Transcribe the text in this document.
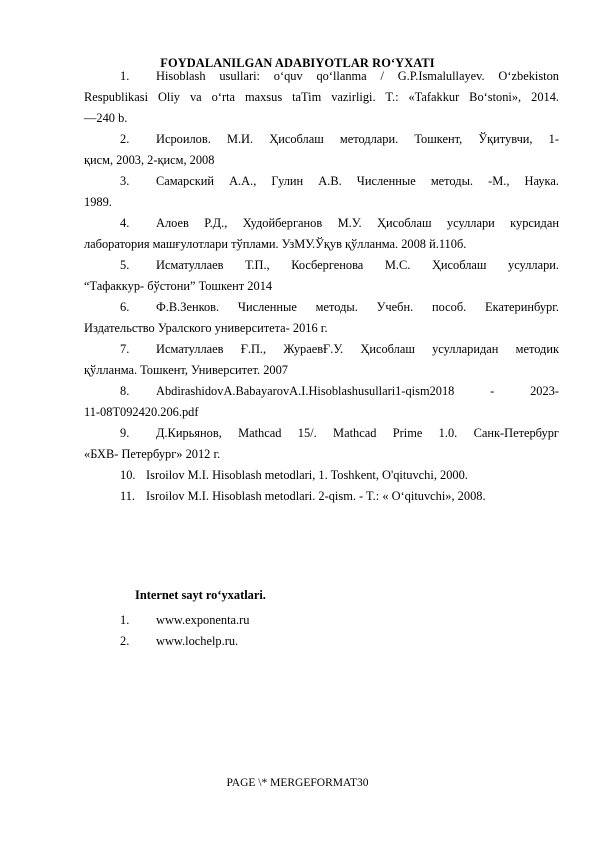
FOYDALANILGAN ADABIYOTLAR RO‘YXATI
1. Hisoblash usullari: o‘quv qo‘llanma / G.P.Ismalullayev. O‘zbekiston
Respublikasi Oliy va o‘rta maxsus taTim vazirligi. T.: «Tafakkur Bo‘stoni», 2014.
—240 b.
2. Исроилов. М.И. Ҳисоблаш методлари. Тошкент, Ўқитувчи, 1-
қисм, 2003, 2-қисм, 2008
3. Самарский А.А., Гулин А.В. Численные методы. -М., Наука.
1989.
4. Алоев Р.Д., Худойберганов М.У. Ҳисоблаш усуллари курсидан
лаборатория машғулотлари тўплами. УзМУ.Ўқув қўлланма. 2008 й.110б.
5. Исматуллаев Т.П., Косбергенова М.С. Ҳисоблаш усуллари.
“Тафаккур- бўстони” Тошкент 2014
6. Ф.В.Зенков. Численные методы. Учебн. пособ. Екатеринбург.
Издательство Уралского университета- 2016 г.
7. Исматуллаев Ғ.П., ЖураевҒ.У. Ҳисоблаш усулларидан методик
қўлланма. Тошкент, Университет. 2007
8. AbdirashidovA.BabayarovA.I.Hisoblashusullari1-qism2018 - 2023-
11-08T092420.206.pdf
9. Д.Кирьянов, Mathcad 15/. Mathcad Prime 1.0. Санк-Петербург
«БХВ- Петербург» 2012 г.
10. Isroilov M.I. Hisoblash metodlari, 1. Toshkent, O'qituvchi, 2000.
11. Isroilov M.I. Hisoblash metodlari. 2-qism. - T.: « O‘qituvchi», 2008.
1. www.exponenta.ru
2. www.lochelp.ru.
Internet sayt ro‘yxatlari.
PAGE \* MERGEFORMAT30
